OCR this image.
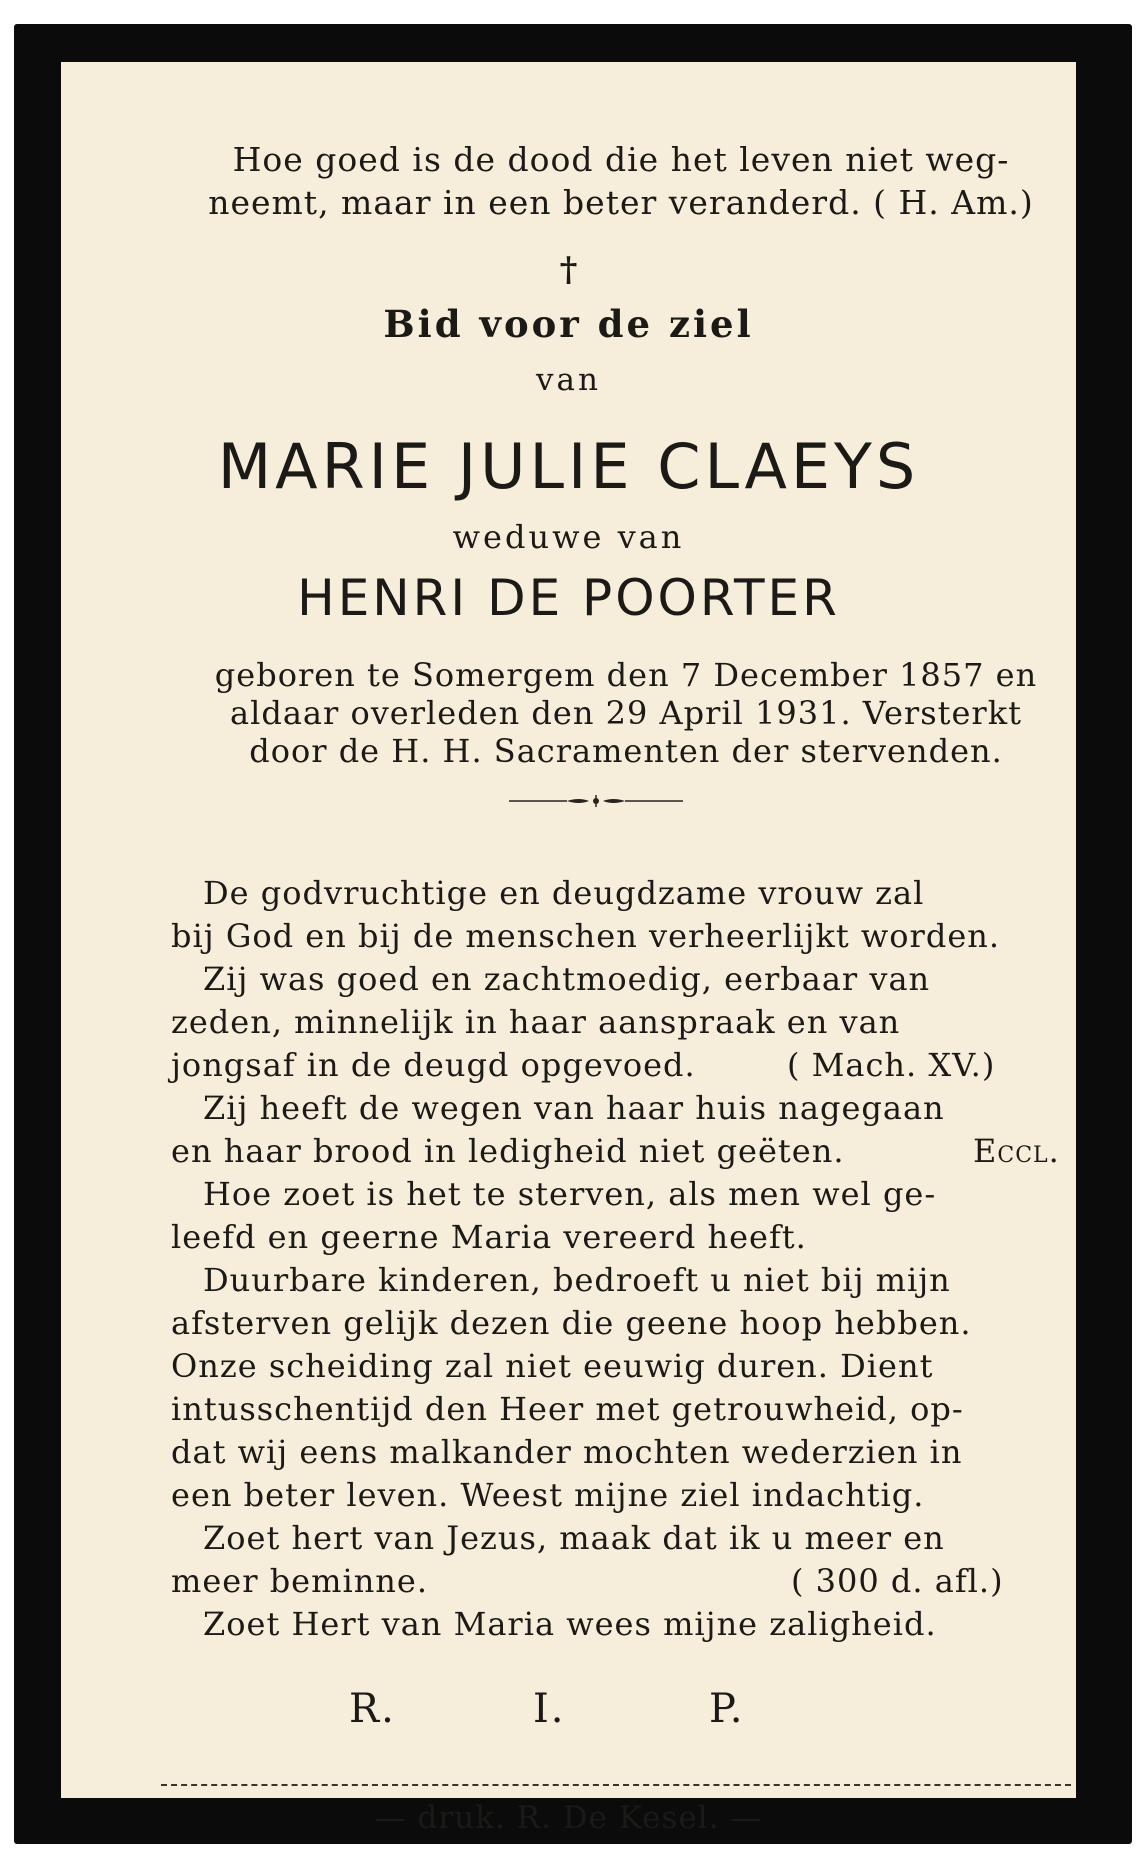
Hoe goed is de dood die het leven niet weg-
neemt, maar in een beter veranderd. ( H. Am.)
†
Bid voor de ziel
van
MARIE JULIE CLAEYS
weduwe van
HENRI DE POORTER
geboren te Somergem den 7 December 1857 en
aldaar overleden den 29 April 1931. Versterkt
door de H. H. Sacramenten der stervenden.
De godvruchtige en deugdzame vrouw zal
bij God en bij de menschen verheerlijkt worden.
Zij was goed en zachtmoedig, eerbaar van
zeden, minnelijk in haar aanspraak en van
jongsaf in de deugd opgevoed.	( Mach. XV.)
Zij heeft de wegen van haar huis nagegaan
en haar brood in ledigheid niet geëten.	Eccl.
Hoe zoet is het te sterven, als men wel ge-
leefd en geerne Maria vereerd heeft.
Duurbare kinderen, bedroeft u niet bij mijn
afsterven gelijk dezen die geene hoop hebben.
Onze scheiding zal niet eeuwig duren. Dient
intusschentijd den Heer met getrouwheid, op-
dat wij eens malkander mochten wederzien in
een beter leven. Weest mijne ziel indachtig.
Zoet hert van Jezus, maak dat ik u meer en
meer beminne.	( 300 d. afl.)
Zoet Hert van Maria wees mijne zaligheid.
R.	I.	P.
— druk. R. De Kesel. —
